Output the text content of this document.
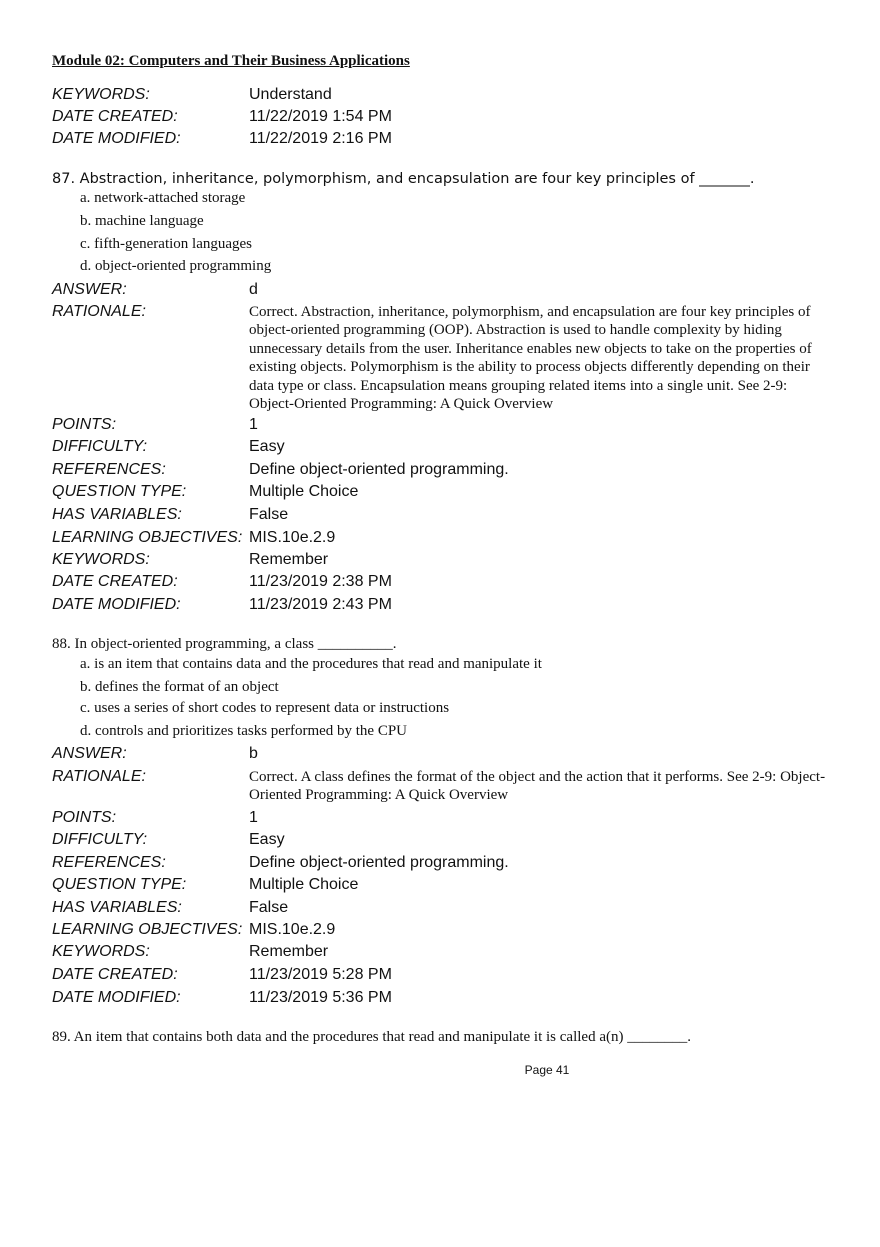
Module 02: Computers and Their Business Applications
KEYWORDS:	Understand
DATE CREATED:	11/22/2019 1:54 PM
DATE MODIFIED:	11/22/2019 2:16 PM
87. Abstraction, inheritance, polymorphism, and encapsulation are four key principles of _______.
a. network-attached storage
b. machine language
c. fifth-generation languages
d. object-oriented programming
ANSWER:	d
RATIONALE:	Correct. Abstraction, inheritance, polymorphism, and encapsulation are four key principles of object-oriented programming (OOP). Abstraction is used to handle complexity by hiding unnecessary details from the user. Inheritance enables new objects to take on the properties of existing objects. Polymorphism is the ability to process objects differently depending on their data type or class. Encapsulation means grouping related items into a single unit. See 2-9: Object-Oriented Programming: A Quick Overview
POINTS:	1
DIFFICULTY:	Easy
REFERENCES:	Define object-oriented programming.
QUESTION TYPE:	Multiple Choice
HAS VARIABLES:	False
LEARNING OBJECTIVES: MIS.10e.2.9
KEYWORDS:	Remember
DATE CREATED:	11/23/2019 2:38 PM
DATE MODIFIED:	11/23/2019 2:43 PM
88. In object-oriented programming, a class __________.
a. is an item that contains data and the procedures that read and manipulate it
b. defines the format of an object
c. uses a series of short codes to represent data or instructions
d. controls and prioritizes tasks performed by the CPU
ANSWER:	b
RATIONALE:	Correct. A class defines the format of the object and the action that it performs. See 2-9: Object-Oriented Programming: A Quick Overview
POINTS:	1
DIFFICULTY:	Easy
REFERENCES:	Define object-oriented programming.
QUESTION TYPE:	Multiple Choice
HAS VARIABLES:	False
LEARNING OBJECTIVES: MIS.10e.2.9
KEYWORDS:	Remember
DATE CREATED:	11/23/2019 5:28 PM
DATE MODIFIED:	11/23/2019 5:36 PM
89. An item that contains both data and the procedures that read and manipulate it is called a(n) ________.
Page 41
